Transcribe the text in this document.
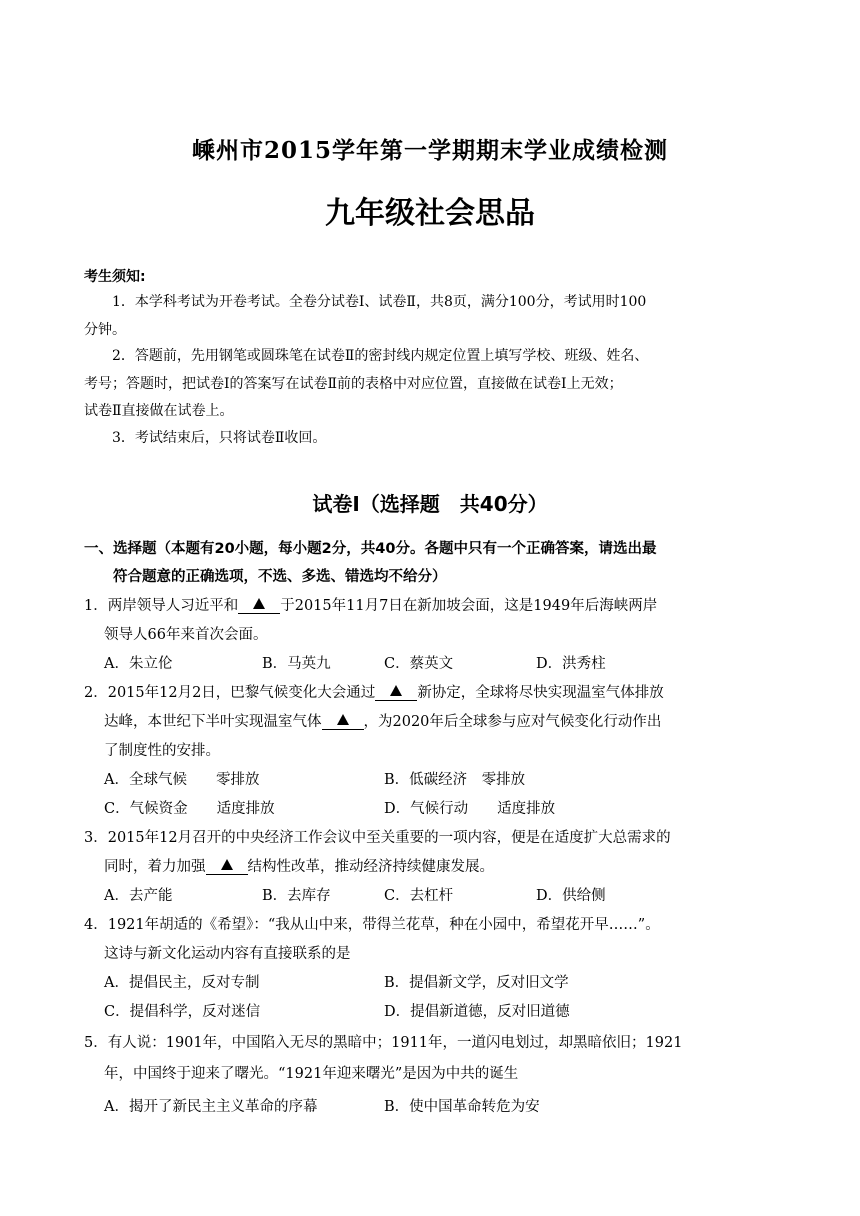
嵊州市2015学年第一学期期末学业成绩检测
九年级社会思品
考生须知:
1．本学科考试为开卷考试。全卷分试卷Ⅰ、试卷Ⅱ，共8页，满分100分，考试用时100
分钟。
2．答题前，先用钢笔或圆珠笔在试卷Ⅱ的密封线内规定位置上填写学校、班级、姓名、
考号；答题时，把试卷Ⅰ的答案写在试卷Ⅱ前的表格中对应位置，直接做在试卷Ⅰ上无效；
试卷Ⅱ直接做在试卷上。
3．考试结束后，只将试卷Ⅱ收回。
试卷Ⅰ（选择题　共40分）
一、选择题（本题有20小题，每小题2分，共40分。各题中只有一个正确答案，请选出最
符合题意的正确选项，不选、多选、错选均不给分）
1．两岸领导人习近平和	于2015年11月7日在新加坡会面，这是1949年后海峡两岸
领导人66年来首次会面。
A．朱立伦	B．马英九	C．蔡英文	D．洪秀柱
2．2015年12月2日，巴黎气候变化大会通过	新协定，全球将尽快实现温室气体排放
达峰，本世纪下半叶实现温室气体	，为2020年后全球参与应对气候变化行动作出
了制度性的安排。
A．全球气候　　零排放	B．低碳经济　零排放
C．气候资金　　适度排放	D．气候行动　　适度排放
3．2015年12月召开的中央经济工作会议中至关重要的一项内容，便是在适度扩大总需求的
同时，着力加强	结构性改革，推动经济持续健康发展。
A．去产能	B．去库存	C．去杠杆	D．供给侧
4．1921年胡适的《希望》：“我从山中来，带得兰花草，种在小园中，希望花开早……”。
这诗与新文化运动内容有直接联系的是
A．提倡民主，反对专制	B．提倡新文学，反对旧文学
C．提倡科学，反对迷信	D．提倡新道德，反对旧道德
5．有人说：1901年，中国陷入无尽的黑暗中；1911年，一道闪电划过，却黑暗依旧；1921
年，中国终于迎来了曙光。“1921年迎来曙光”是因为中共的诞生
A．揭开了新民主主义革命的序幕	B．使中国革命转危为安
